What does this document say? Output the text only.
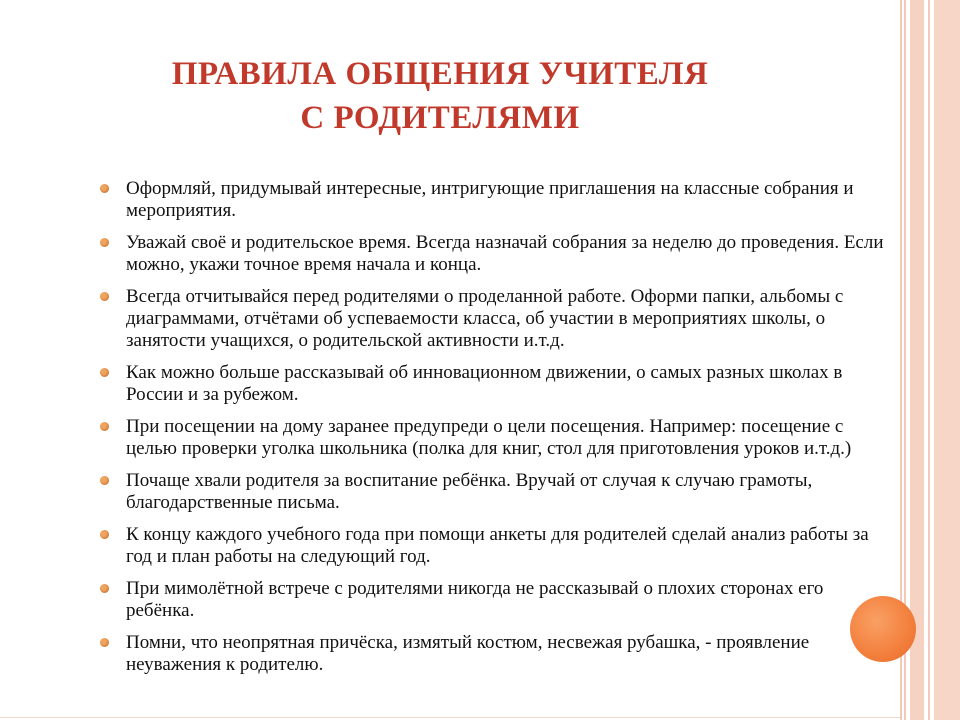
ПРАВИЛА ОБЩЕНИЯ УЧИТЕЛЯ
С РОДИТЕЛЯМИ
Оформляй, придумывай интересные, интригующие приглашения на классные собрания и мероприятия.
Уважай своё и родительское время. Всегда назначай собрания за неделю до проведения. Если можно, укажи точное время начала и конца.
Всегда отчитывайся перед родителями о проделанной работе. Оформи папки, альбомы с диаграммами, отчётами об успеваемости класса, об участии в мероприятиях школы, о занятости учащихся, о родительской активности и.т.д.
Как можно больше рассказывай об инновационном движении, о самых разных школах в России и за рубежом.
При посещении на дому заранее предупреди о цели посещения. Например: посещение с целью проверки уголка школьника (полка для книг, стол для приготовления уроков и.т.д.)
Почаще хвали родителя за воспитание ребёнка. Вручай от случая к случаю грамоты, благодарственные письма.
К концу каждого учебного года при помощи анкеты для родителей сделай анализ работы за год и план работы на следующий год.
При мимолётной встрече с родителями никогда не рассказывай о плохих сторонах его ребёнка.
Помни, что неопрятная причёска, измятый костюм, несвежая рубашка, - проявление неуважения к родителю.
